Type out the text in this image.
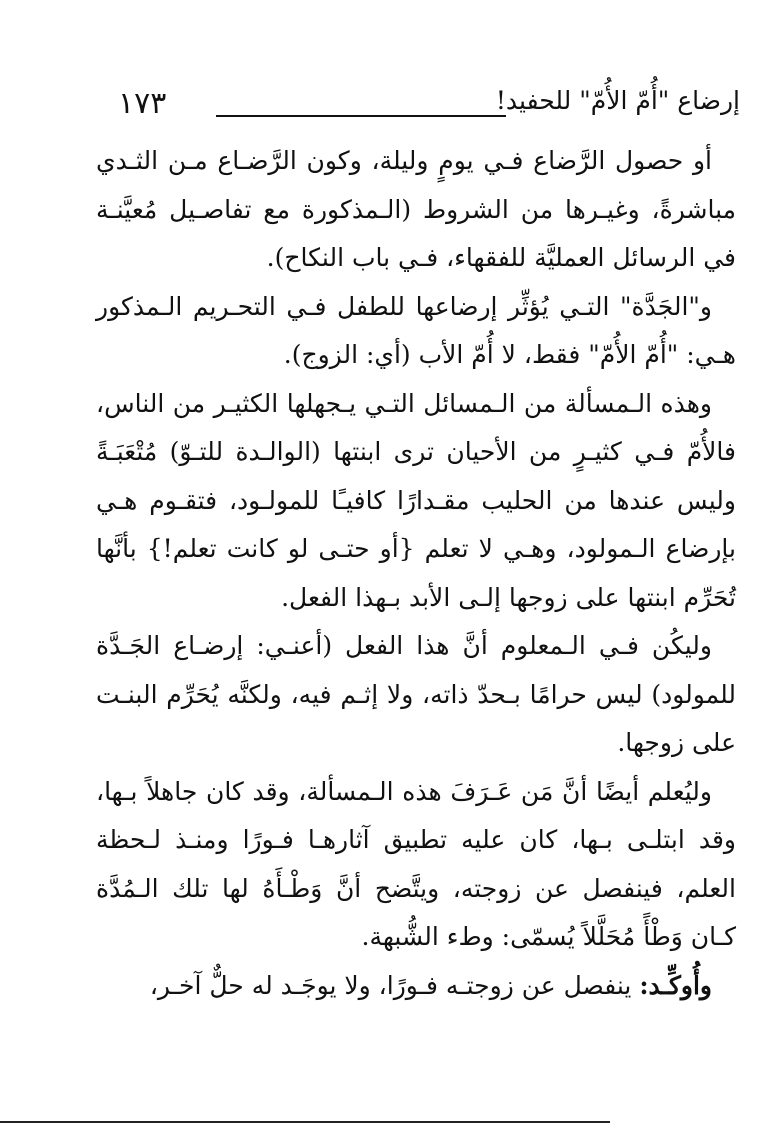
١٧٣	إرضاع "أُمّ الأُمّ" للحفيد!

أو حصول الرَّضاع فـي يومٍ وليلة، وكون الرَّضـاع مـن الثـدي مباشرةً، وغيـرها من الشروط (الـمذكورة مع تفاصـيل مُعيَّنـة في الرسائل العمليَّة للفقهاء، فـي باب النكاح).

و"الجَدَّة" التـي يُؤثِّر إرضاعها للطفل فـي التحـريم الـمذكور هـي: "أُمّ الأُمّ" فقط، لا أُمّ الأب (أي: الزوج).

وهذه الـمسألة من الـمسائل التـي يـجهلها الكثيـر من الناس، فالأُمّ فـي كثيـرٍ من الأحيان ترى ابنتها (الوالـدة للتـوّ) مُتْعَبَـةً وليس عندها من الحليب مقـدارًا كافيـًا للمولـود، فتقـوم هـي بإرضاع الـمولود، وهـي لا تعلم {أو حتـى لو كانت تعلم!} بأنَّها تُحَرِّم ابنتها على زوجها إلـى الأبد بـهذا الفعل.

وليكُن فـي الـمعلوم أنَّ هذا الفعل (أعنـي: إرضـاع الجَـدَّة للمولود) ليس حرامًا بـحدّ ذاته، ولا إثـم فيه، ولكنَّه يُحَرِّم البنـت على زوجها.

وليُعلم أيضًا أنَّ مَن عَـرَفَ هذه الـمسألة، وقد كان جاهلاً بـها، وقد ابتلـى بـها، كان عليه تطبيق آثارهـا فـورًا ومنـذ لـحظة العلم، فينفصل عن زوجته، ويتَّضح أنَّ وَطْـأَهُ لها تلك الـمُدَّة كـان وَطْأً مُحَلَّلاً يُسمّى: وطء الشُّبهة.

وأُوكِّـد: ينفصل عن زوجتـه فـورًا، ولا يوجَـد له حلٌّ آخـر،
